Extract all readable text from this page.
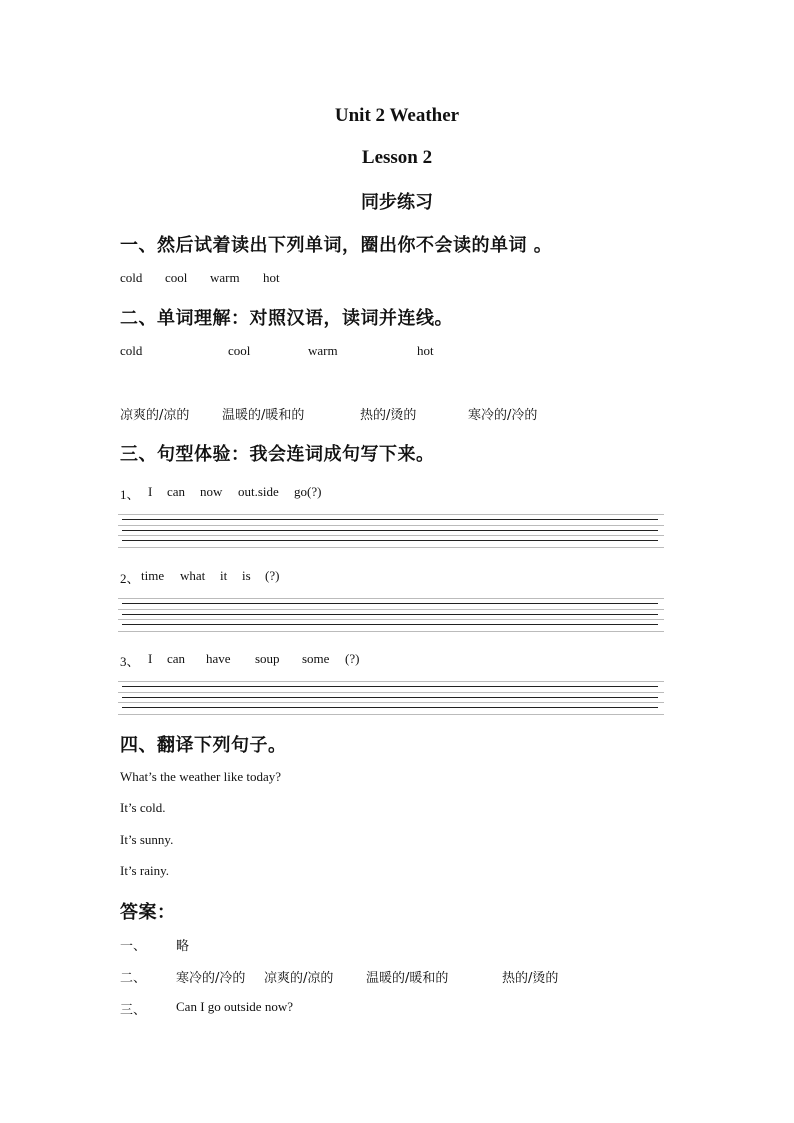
Unit 2 Weather
Lesson 2
同步练习
一、然后试着读出下列单词，圈出你不会读的单词 。
cold cool warm hot
二、单词理解：对照汉语，读词并连线。
cold	cool	warm	hot
凉爽的/凉的	温暖的/暖和的	热的/烫的	寒冷的/冷的
三、句型体验：我会连词成句写下来。
1、 I can now out.side go(?)
2、 time what it is (?)
3、 I can have soup some (?)
四、翻译下列句子。
What’s the weather like today?
It’s cold.
It’s sunny.
It’s rainy.
答案：
一、 略
二、 寒冷的/冷的 凉爽的/凉的	温暖的/暖和的	热的/烫的
三、 Can I go outside now?
